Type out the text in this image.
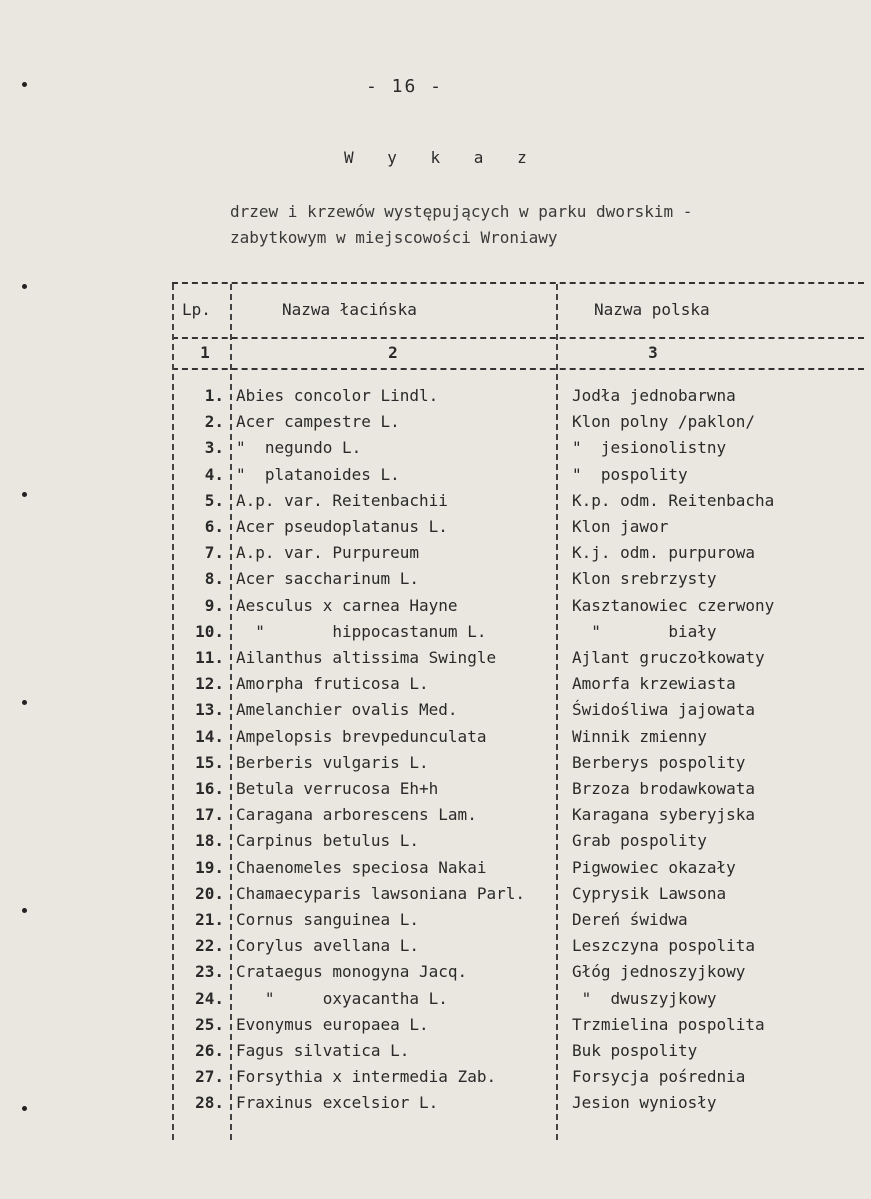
- 16 -
W y k a z
drzew i krzewów występujących w parku dworskim -
zabytkowym w miejscowości Wroniawy
Lp.	Nazwa łacińska	Nazwa polska
1	2	3
1. Abies concolor Lindl.	Jodła jednobarwna
2. Acer campestre L.	Klon polny /paklon/
3. "  negundo L.	"  jesionolistny
4. "  platanoides L.	"  pospolity
5. A.p. var. Reitenbachii	K.p. odm. Reitenbacha
6. Acer pseudoplatanus L.	Klon jawor
7. A.p. var. Purpureum	K.j. odm. purpurowa
8. Acer saccharinum L.	Klon srebrzysty
9. Aesculus x carnea Hayne	Kasztanowiec czerwony
10. "       hippocastanum L.	"       biały
11. Ailanthus altissima Swingle	Ajlant gruczołkowaty
12. Amorpha fruticosa L.	Amorfa krzewiasta
13. Amelanchier ovalis Med.	Świdośliwa jajowata
14. Ampelopsis brevpedunculata	Winnik zmienny
15. Berberis vulgaris L.	Berberys pospolity
16. Betula verrucosa Eh+h	Brzoza brodawkowata
17. Caragana arborescens Lam.	Karagana syberyjska
18. Carpinus betulus L.	Grab pospolity
19. Chaenomeles speciosa Nakai	Pigwowiec okazały
20. Chamaecyparis lawsoniana Parl.	Cyprysik Lawsona
21. Cornus sanguinea L.	Dereń świdwa
22. Corylus avellana L.	Leszczyna pospolita
23. Crataegus monogyna Jacq.	Głóg jednoszyjkowy
24. "     oxyacantha L.	"  dwuszyjkowy
25. Evonymus europaea L.	Trzmielina pospolita
26. Fagus silvatica L.	Buk pospolity
27. Forsythia x intermedia Zab.	Forsycja pośrednia
28. Fraxinus excelsior L.	Jesion wyniosły
